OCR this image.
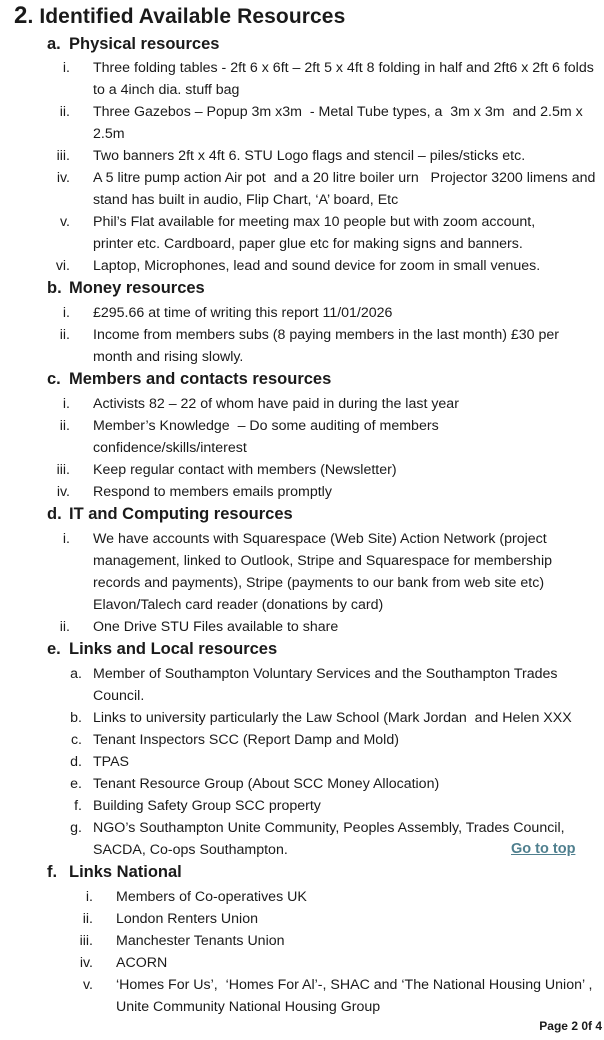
2. Identified Available Resources
a. Physical resources
i. Three folding tables - 2ft 6 x 6ft – 2ft 5 x 4ft 8 folding in half and 2ft6 x 2ft 6 folds to a 4inch dia. stuff bag
ii. Three Gazebos – Popup 3m x3m  - Metal Tube types, a  3m x 3m  and 2.5m x 2.5m
iii. Two banners 2ft x 4ft 6. STU Logo flags and stencil – piles/sticks etc.
iv. A 5 litre pump action Air pot  and a 20 litre boiler urn   Projector 3200 limens and stand has built in audio, Flip Chart, ‘A’ board, Etc
v. Phil’s Flat available for meeting max 10 people but with zoom account, printer etc. Cardboard, paper glue etc for making signs and banners.
vi. Laptop, Microphones, lead and sound device for zoom in small venues.
b. Money resources
i. £295.66 at time of writing this report 11/01/2026
ii. Income from members subs (8 paying members in the last month) £30 per month and rising slowly.
c. Members and contacts resources
i. Activists 82 – 22 of whom have paid in during the last year
ii. Member’s Knowledge  – Do some auditing of members confidence/skills/interest
iii. Keep regular contact with members (Newsletter)
iv. Respond to members emails promptly
d. IT and Computing resources
i. We have accounts with Squarespace (Web Site) Action Network (project management, linked to Outlook, Stripe and Squarespace for membership records and payments), Stripe (payments to our bank from web site etc) Elavon/Talech card reader (donations by card)
ii. One Drive STU Files available to share
e. Links and Local resources
a. Member of Southampton Voluntary Services and the Southampton Trades Council.
b. Links to university particularly the Law School (Mark Jordan  and Helen XXX
c. Tenant Inspectors SCC (Report Damp and Mold)
d. TPAS
e. Tenant Resource Group (About SCC Money Allocation)
f. Building Safety Group SCC property
g. NGO’s Southampton Unite Community, Peoples Assembly, Trades Council, SACDA, Co-ops Southampton.	Go to top
f. Links National
i. Members of Co-operatives UK
ii. London Renters Union
iii. Manchester Tenants Union
iv. ACORN
v. ‘Homes For Us’,  ‘Homes For Al’-, SHAC and ‘The National Housing Union’ , Unite Community National Housing Group
Page 2 0f 4
